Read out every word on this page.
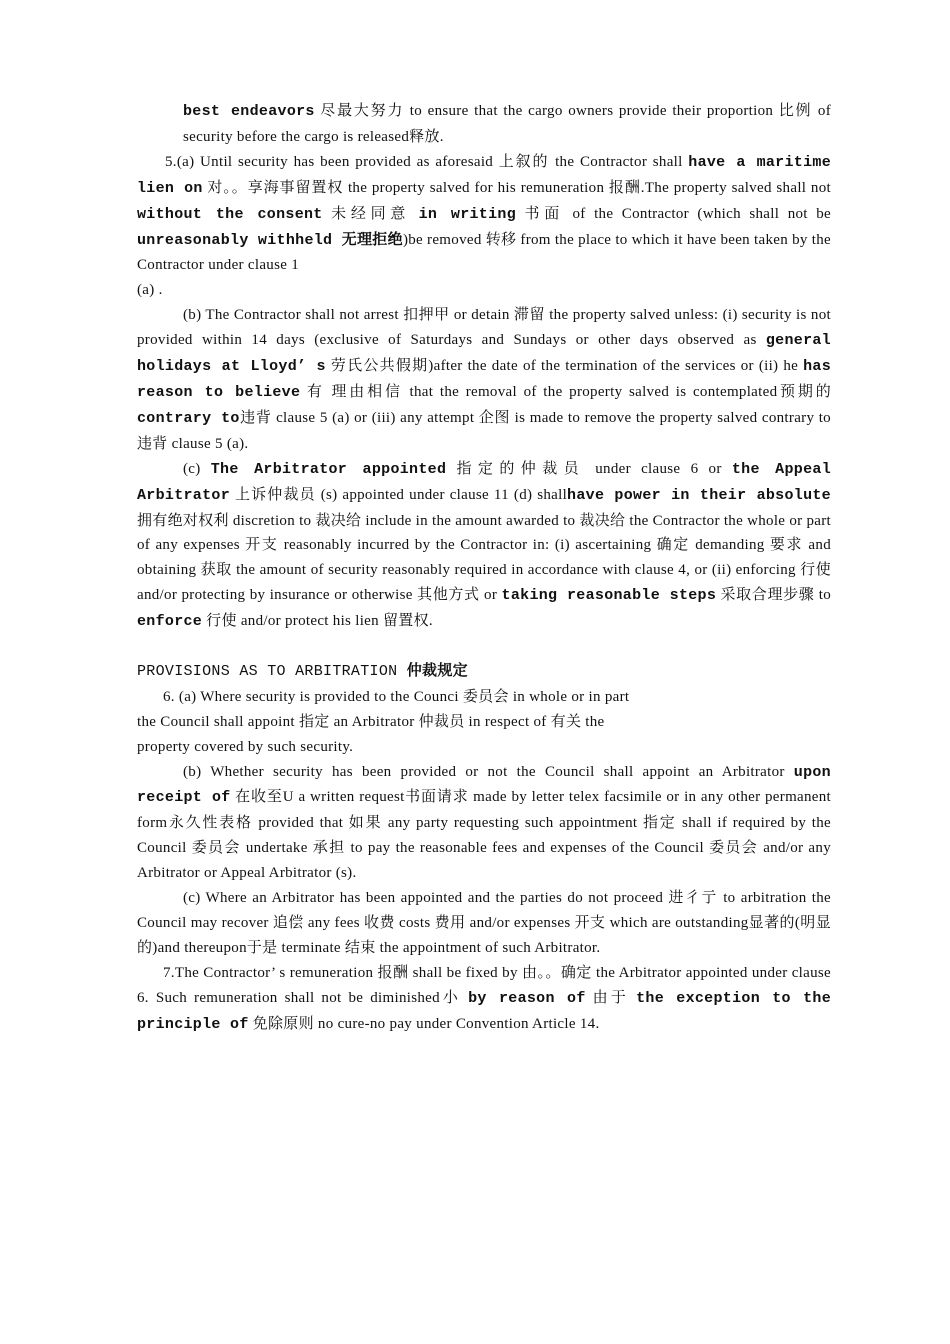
best endeavors 尽最大努力 to ensure that the cargo owners provide their proportion 比例 of security before the cargo is released释放.

5.(a) Until security has been provided as aforesaid 上叙的 the Contractor shall have a maritime lien on 对。。享海事留置权 the property salved for his remuneration 报酬.The property salved shall not without the consent 未经同意 in writing 书面 of the Contractor (which shall not be unreasonably withheld 无理拒绝)be removed 转移 from the place to which it have been taken by the Contractor under clause 1

(a) .

(b) The Contractor shall not arrest 扣押甲 or detain 滞留 the property salved unless: (i) security is not provided within 14 days (exclusive of Saturdays and Sundays or other days observed as general holidays at Lloyd’ s 劳氏公共假期)after the date of the termination of the services or (ii) he has reason to believe 有 理由相信 that the removal of the property salved is contemplated预期的 contrary to违背 clause 5 (a) or (iii) any attempt 企图 is made to remove the property salved contrary to 违背 clause 5 (a).

(c) The Arbitrator appointed 指定的仲裁员 under clause 6 or the Appeal Arbitrator 上诉仲裁员 (s) appointed under clause 11 (d) shallhave power in their absolute拥有绝对权利 discretion to 裁决给 include in the amount awarded to 裁决给 the Contractor the whole or part of any expenses 开支 reasonably incurred by the Contractor in: (i) ascertaining 确定 demanding 要求 and obtaining 获取 the amount of security reasonably required in accordance with clause 4, or (ii) enforcing 行使 and/or protecting by insurance or otherwise 其他方式 or taking reasonable steps 采取合理步骤 to enforce 行使 and/or protect his lien 留置权.

PROVISIONS AS TO ARBITRATION 仲裁规定

6. (a) Where security is provided to the Counci 委员会 in whole or in part

the Council shall appoint 指定 an Arbitrator 仲裁员 in respect of 有关 the

property covered by such security.

(b) Whether security has been provided or not the Council shall appoint an Arbitrator upon receipt of 在收至U a written request书面请求 made by letter telex facsimile or in any other permanent form永久性表格 provided that 如果 any party requesting such appointment 指定 shall if required by the Council 委员会 undertake 承担 to pay the reasonable fees and expenses of the Council 委员会 and/or any Arbitrator or Appeal Arbitrator (s).

(c) Where an Arbitrator has been appointed and the parties do not proceed 进彳亍 to arbitration the Council may recover 追偿 any fees 收费 costs 费用 and/or expenses 开支 which are outstanding显著的(明显的)and thereupon于是 terminate 结束 the appointment of such Arbitrator.

7.The Contractor’ s remuneration 报酬 shall be fixed by 由。。确定 the Arbitrator appointed under clause 6. Such remuneration shall not be diminished小 by reason of 由于 the exception to the principle of 免除原则 no cure-no pay under Convention Article 14.
